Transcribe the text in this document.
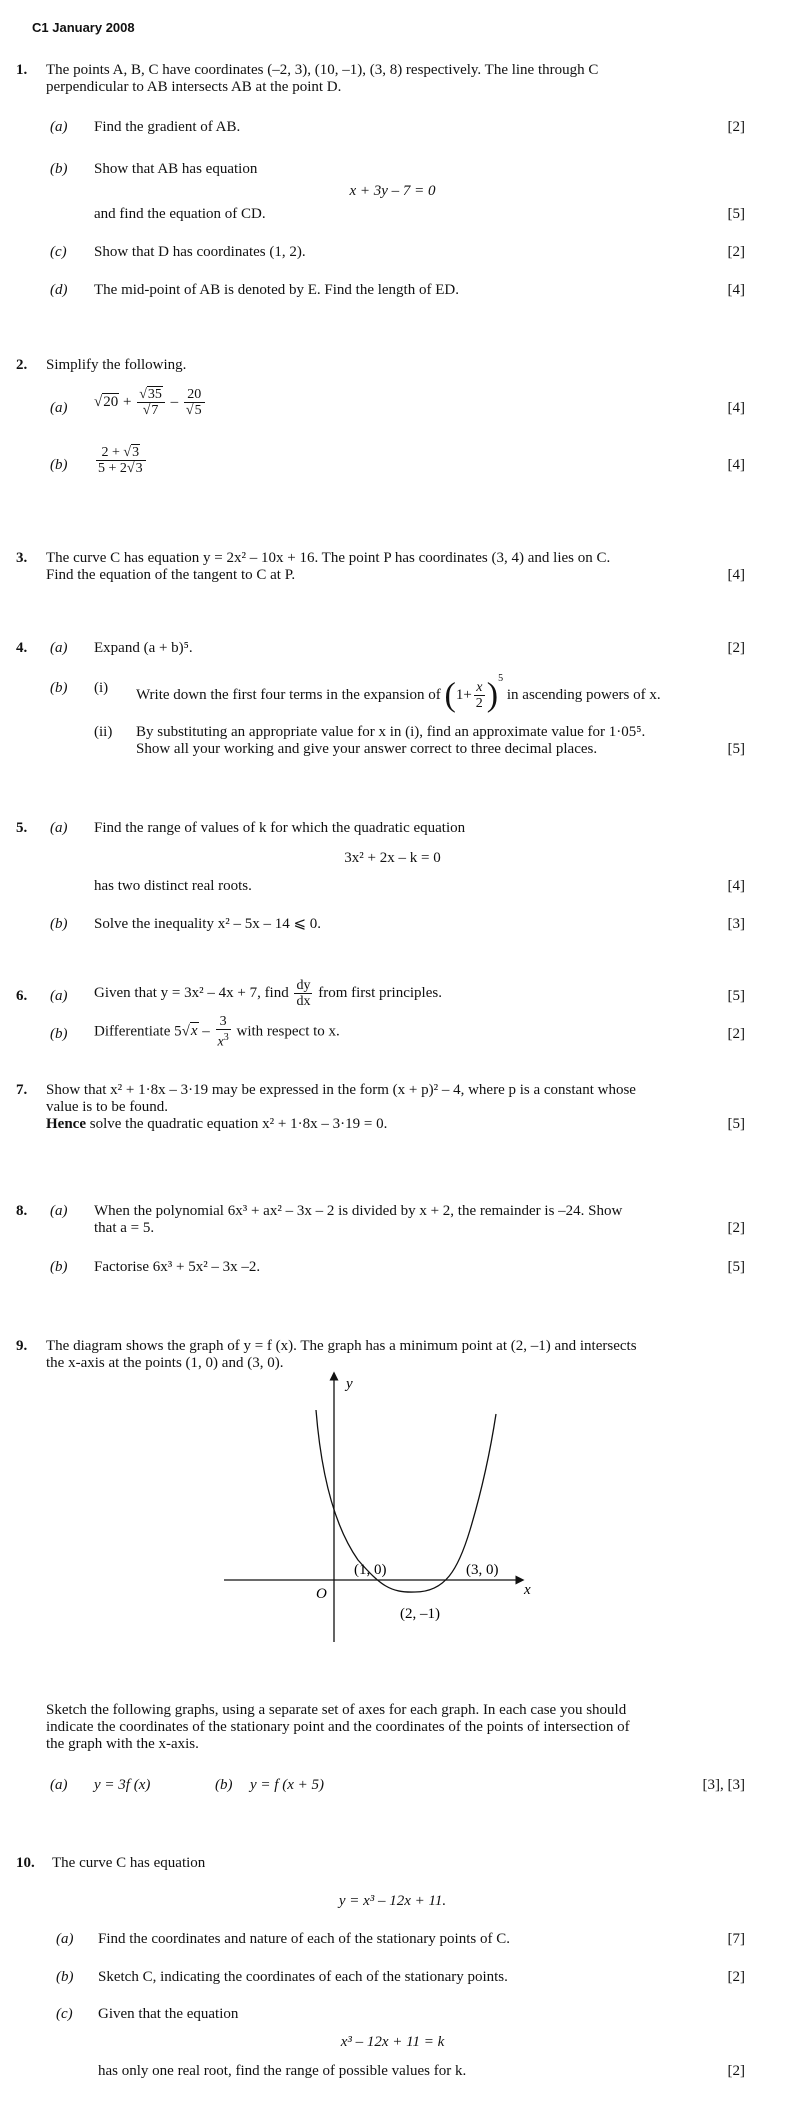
C1 January 2008
1. The points A, B, C have coordinates (–2, 3), (10, –1), (3, 8) respectively. The line through C
perpendicular to AB intersects AB at the point D.
(a) Find the gradient of AB.	[2]
(b) Show that AB has equation
x + 3y – 7 = 0
and find the equation of CD.	[5]
(c) Show that D has coordinates (1, 2).	[2]
(d) The mid-point of AB is denoted by E. Find the length of ED.	[4]
2. Simplify the following.
(a) $√20 + \frac{√35}{√7} - \frac{20}{√5}$	[4]
$(b) \frac{2 + √3}{5 + 2√3}$	[4]
3. The curve C has equation y = 2x² – 10x + 16. The point P has coordinates (3, 4) and lies on C.
Find the equation of the tangent to C at P.	[4]
4. (a) Expand (a + b)⁵.	[2]
(b) (i) Write down the first four terms in the expansion of $(1+ \frac{x}{2} )^5$ in ascending powers of x.
(ii) By substituting an appropriate value for x in (i), find an approximate value for 1·05⁵.
Show all your working and give your answer correct to three decimal places.	[5]
5. (a) Find the range of values of k for which the quadratic equation
3x² + 2x – k = 0
has two distinct real roots.	[4]
(b) Solve the inequality x² – 5x – 14 ⩽ 0.	[3]
6. (a) Given that y = 3x² – 4x + 7, find $\frac{dy}{dx}$ from first principles.	[5]
(b) Differentiate $5√x - \frac{3}{x^3}$ with respect to x.	[2]
7. Show that x² + 1·8x – 3·19 may be expressed in the form (x + p)² – 4, where p is a constant whose
value is to be found.
Hence solve the quadratic equation x² + 1·8x – 3·19 = 0.	[5]
8. (a) When the polynomial 6x³ + ax² – 3x – 2 is divided by x + 2, the remainder is –24. Show
that a = 5.	[2]
(b) Factorise 6x³ + 5x² – 3x –2.	[5]
9. The diagram shows the graph of y = f (x). The graph has a minimum point at (2, –1) and intersects
the x-axis at the points (1, 0) and (3, 0).
y
x
O
(1, 0)	(3, 0)
(2, –1)
Sketch the following graphs, using a separate set of axes for each graph. In each case you should
indicate the coordinates of the stationary point and the coordinates of the points of intersection of
the graph with the x-axis.
(a) y = 3f (x)	(b) y = f (x + 5)	[3], [3]
10. The curve C has equation
y = x³ – 12x + 11.
(a) Find the coordinates and nature of each of the stationary points of C.	[7]
(b) Sketch C, indicating the coordinates of each of the stationary points.	[2]
(c) Given that the equation
x³ – 12x + 11 = k
has only one real root, find the range of possible values for k.	[2]
